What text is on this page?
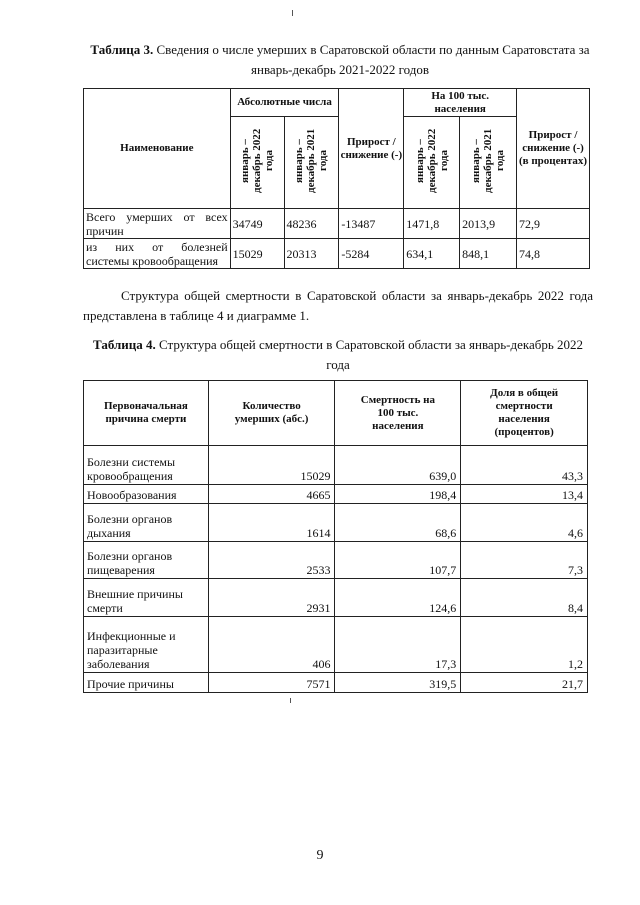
Таблица 3. Сведения о числе умерших в Саратовской области по данным Саратовстата за январь-декабрь 2021-2022 годов
Наименование	Абсолютные числа		Прирост /снижение (-)	На 100 тыс. населения		Прирост /снижение (-) (в процентах)
	январь – декабрь 2022 года	январь – декабрь 2021 года		январь – декабрь 2022 года	январь – декабрь 2021 года	

Всего умерших от всех
причин	34749	48236	-13487	1471,8	2013,9	72,9

из них от болезней
системы кровообращения	15029	20313	-5284	634,1	848,1	74,8

Структура общей смертности в Саратовской области за январь-декабрь 2022 года представлена в таблице 4 и диаграмме 1.

Таблица 4. Структура общей смертности в Саратовской области за январь-декабрь 2022 года
Первоначальная причина смерти	Количество умерших (абс.)	Смертность на 100 тыс. населения	Доля в общей смертности населения (процентов)
Болезни системы кровообращения	15029	639,0	43,3
Новообразования	4665	198,4	13,4
Болезни органов дыхания	1614	68,6	4,6
Болезни органов пищеварения	2533	107,7	7,3
Внешние причины смерти	2931	124,6	8,4
Инфекционные и паразитарные заболевания	406	17,3	1,2
Прочие причины	7571	319,5	21,7
9
